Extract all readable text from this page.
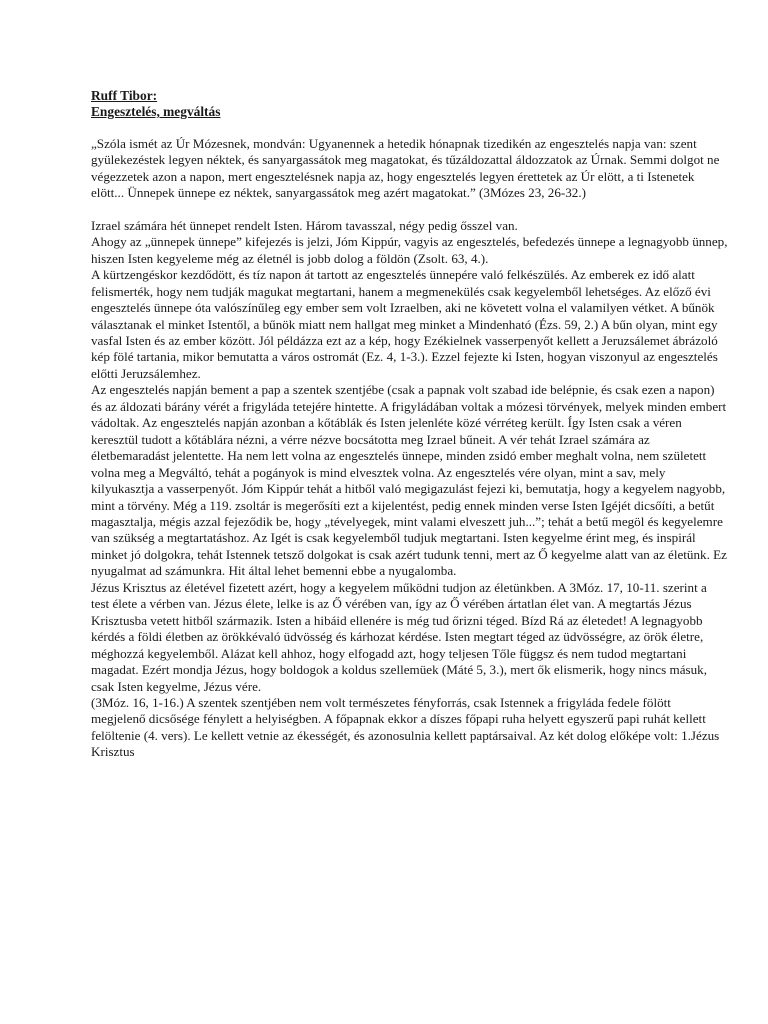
Ruff Tibor:

Engesztelés, megváltás

„Szóla ismét az Úr Mózesnek, mondván: Ugyanennek a hetedik hónapnak tizedikén az engesztelés napja van: szent gyülekezéstek legyen néktek, és sanyargassátok meg magatokat, és tűzáldozattal áldozzatok az Úrnak. Semmi dolgot ne végezzetek azon a napon, mert engesztelésnek napja az, hogy engesztelés legyen érettetek az Úr elött, a ti Istenetek elött... Ünnepek ünnepe ez néktek, sanyargassátok meg azért magatokat.” (3Mózes 23, 26-32.)

Izrael számára hét ünnepet rendelt Isten. Három tavasszal, négy pedig ősszel van.

Ahogy az „ünnepek ünnepe” kifejezés is jelzi, Jóm Kippúr, vagyis az engesztelés, befedezés ünnepe a legnagyobb ünnep, hiszen Isten kegyeleme még az életnél is jobb dolog a földön (Zsolt. 63, 4.).

A kürtzengéskor kezdődött, és tíz napon át tartott az engesztelés ünnepére való felkészülés. Az emberek ez idő alatt felismerték, hogy nem tudják magukat megtartani, hanem a megmenekülés csak kegyelemből lehetséges. Az előző évi engesztelés ünnepe óta valószínűleg egy ember sem volt Izraelben, aki ne követett volna el valamilyen vétket. A bűnök választanak el minket Istentől, a bűnök miatt nem hallgat meg minket a Mindenható (Ézs. 59, 2.) A bűn olyan, mint egy vasfal Isten és az ember között. Jól példázza ezt az a kép, hogy Ezékielnek vasserpenyőt kellett a Jeruzsálemet ábrázoló kép fölé tartania, mikor bemutatta a város ostromát (Ez. 4, 1-3.). Ezzel fejezte ki Isten, hogyan viszonyul az engesztelés előtti Jeruzsálemhez.

Az engesztelés napján bement a pap a szentek szentjébe (csak a papnak volt szabad ide belépnie, és csak ezen a napon) és az áldozati bárány vérét a frigyláda tetejére hintette. A frigyládában voltak a mózesi törvények, melyek minden embert vádoltak. Az engesztelés napján azonban a kőtáblák és Isten jelenléte közé vérréteg került. Így Isten csak a véren keresztül tudott a kőtáblára nézni, a vérre nézve bocsátotta meg Izrael bűneit. A vér tehát Izrael számára az életbemaradást jelentette. Ha nem lett volna az engesztelés ünnepe, minden zsidó ember meghalt volna, nem született volna meg a Megváltó, tehát a pogányok is mind elvesztek volna. Az engesztelés vére olyan, mint a sav, mely kilyukasztja a vasserpenyőt. Jóm Kippúr tehát a hitből való megigazulást fejezi ki, bemutatja, hogy a kegyelem nagyobb, mint a törvény. Még a 119. zsoltár is megerősíti ezt a kijelentést, pedig ennek minden verse Isten Igéjét dicsőíti, a betűt magasztalja, mégis azzal fejeződik be, hogy „tévelyegek, mint valami elveszett juh...”; tehát a betű megöl és kegyelemre van szükség a megtartatáshoz. Az Igét is csak kegyelemből tudjuk megtartani. Isten kegyelme érint meg, és inspirál minket jó dolgokra, tehát Istennek tetsző dolgokat is csak azért tudunk tenni, mert az Ő kegyelme alatt van az életünk. Ez nyugalmat ad számunkra. Hit által lehet bemenni ebbe a nyugalomba.

Jézus Krisztus az életével fizetett azért, hogy a kegyelem működni tudjon az életünkben. A 3Móz. 17, 10-11. szerint a test élete a vérben van. Jézus élete, lelke is az Ő vérében van, így az Ő vérében ártatlan élet van. A megtartás Jézus Krisztusba vetett hitből származik. Isten a hibáid ellenére is még tud őrizni téged. Bízd Rá az életedet! A legnagyobb kérdés a földi életben az örökkévaló üdvösség és kárhozat kérdése. Isten megtart téged az üdvösségre, az örök életre, méghozzá kegyelemből. Alázat kell ahhoz, hogy elfogadd azt, hogy teljesen Tőle függsz és nem tudod megtartani magadat. Ezért mondja Jézus, hogy boldogok a koldus szellemüek (Máté 5, 3.), mert ők elismerik, hogy nincs másuk, csak Isten kegyelme, Jézus vére.

(3Móz. 16, 1-16.) A szentek szentjében nem volt természetes fényforrás, csak Istennek a frigyláda fedele fölött megjelenő dicsősége fénylett a helyiségben. A főpapnak ekkor a díszes főpapi ruha helyett egyszerű papi ruhát kellett felöltenie (4. vers). Le kellett vetnie az ékességét, és azonosulnia kellett paptársaival. Az két dolog előképe volt: 1.Jézus Krisztus
